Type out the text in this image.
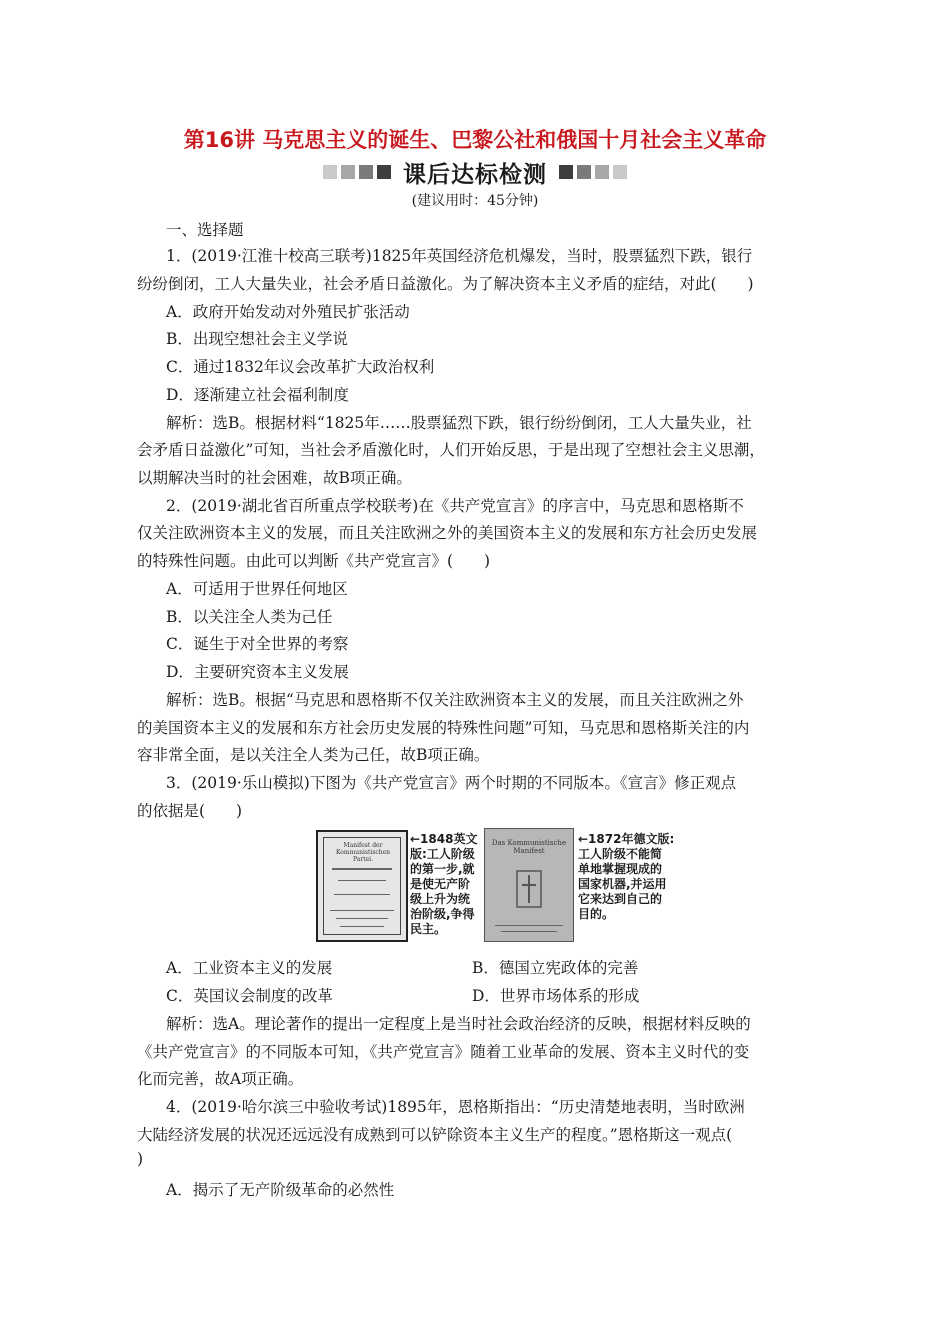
第16讲 马克思主义的诞生、巴黎公社和俄国十月社会主义革命
课后达标检测
(建议用时：45分钟)
一、选择题
1．(2019·江淮十校高三联考)1825年英国经济危机爆发，当时，股票猛烈下跌，银行
纷纷倒闭，工人大量失业，社会矛盾日益激化。为了解决资本主义矛盾的症结，对此(　　)
A．政府开始发动对外殖民扩张活动
B．出现空想社会主义学说
C．通过1832年议会改革扩大政治权利
D．逐渐建立社会福利制度
解析：选B。根据材料“1825年……股票猛烈下跌，银行纷纷倒闭，工人大量失业，社
会矛盾日益激化”可知，当社会矛盾激化时，人们开始反思，于是出现了空想社会主义思潮，
以期解决当时的社会困难，故B项正确。
2．(2019·湖北省百所重点学校联考)在《共产党宣言》的序言中，马克思和恩格斯不
仅关注欧洲资本主义的发展，而且关注欧洲之外的美国资本主义的发展和东方社会历史发展
的特殊性问题。由此可以判断《共产党宣言》(　　)
A．可适用于世界任何地区
B．以关注全人类为己任
C．诞生于对全世界的考察
D．主要研究资本主义发展
解析：选B。根据“马克思和恩格斯不仅关注欧洲资本主义的发展，而且关注欧洲之外
的美国资本主义的发展和东方社会历史发展的特殊性问题”可知，马克思和恩格斯关注的内
容非常全面，是以关注全人类为己任，故B项正确。
3．(2019·乐山模拟)下图为《共产党宣言》两个时期的不同版本。《宣言》修正观点
的依据是(　　)
Manifest der Kommunistischen Partei.
←1848英文
版:工人阶级
的第一步,就
是使无产阶
级上升为统
治阶级,争得
民主。
Das Kommunistische Manifest
←1872年德文版:
工人阶级不能简
单地掌握现成的
国家机器,并运用
它来达到自己的
目的。
A．工业资本主义的发展	B．德国立宪政体的完善
C．英国议会制度的改革	D．世界市场体系的形成
解析：选A。理论著作的提出一定程度上是当时社会政治经济的反映，根据材料反映的
《共产党宣言》的不同版本可知，《共产党宣言》随着工业革命的发展、资本主义时代的变
化而完善，故A项正确。
4．(2019·哈尔滨三中验收考试)1895年，恩格斯指出：“历史清楚地表明，当时欧洲
大陆经济发展的状况还远远没有成熟到可以铲除资本主义生产的程度。”恩格斯这一观点(
)
A．揭示了无产阶级革命的必然性
